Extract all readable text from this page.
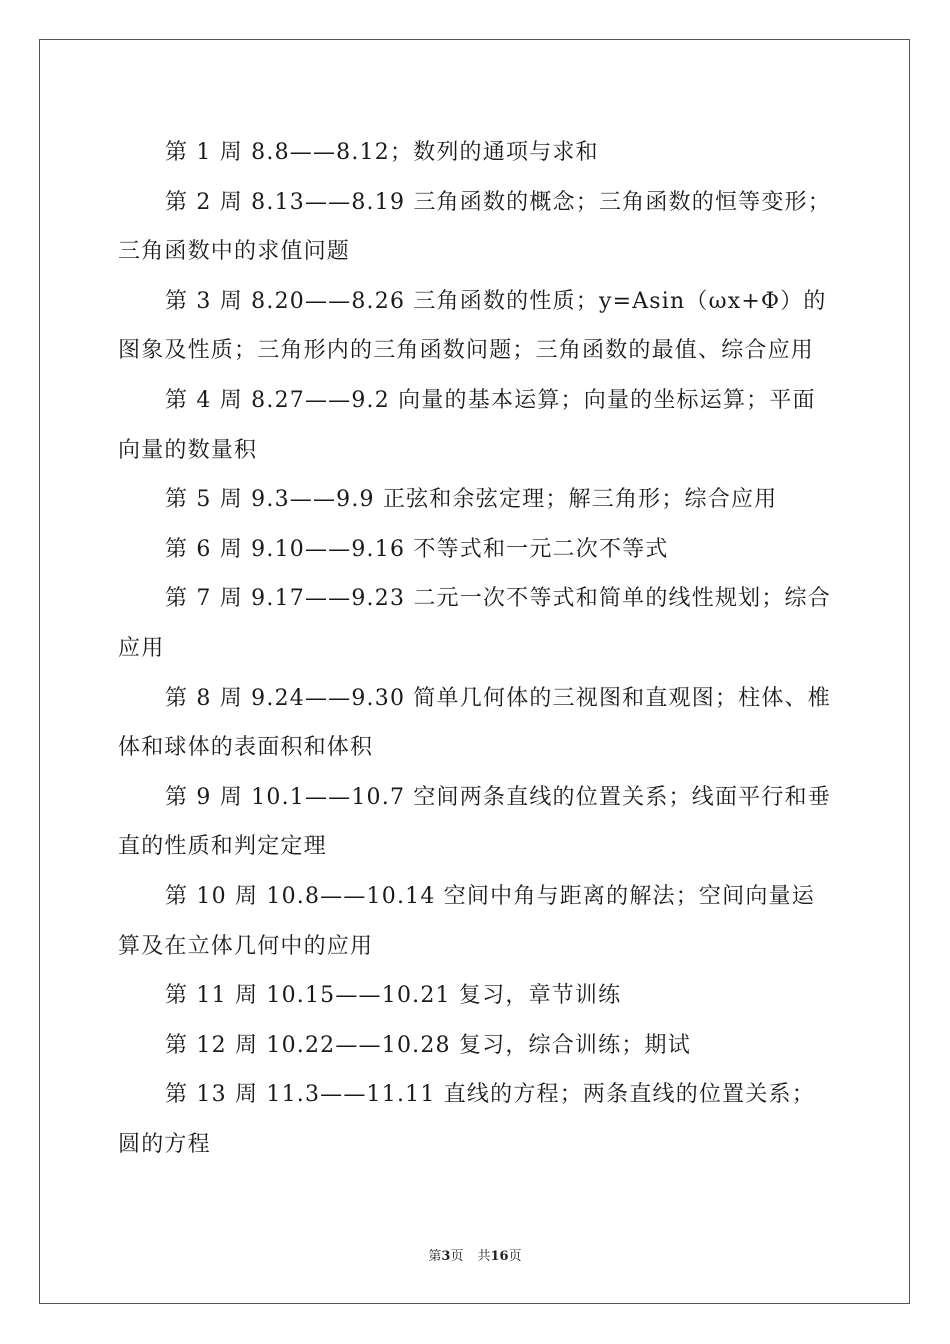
第 1 周 8.8——8.12；数列的通项与求和

第 2 周 8.13——8.19 三角函数的概念；三角函数的恒等变形；三角函数中的求值问题

第 3 周 8.20——8.26 三角函数的性质；y=Asin（ωx+Φ）的图象及性质；三角形内的三角函数问题；三角函数的最值、综合应用

第 4 周 8.27——9.2 向量的基本运算；向量的坐标运算；平面向量的数量积

第 5 周 9.3——9.9 正弦和余弦定理；解三角形；综合应用

第 6 周 9.10——9.16 不等式和一元二次不等式

第 7 周 9.17——9.23 二元一次不等式和简单的线性规划；综合应用

第 8 周 9.24——9.30 简单几何体的三视图和直观图；柱体、椎体和球体的表面积和体积

第 9 周 10.1——10.7 空间两条直线的位置关系；线面平行和垂直的性质和判定定理

第 10 周 10.8——10.14 空间中角与距离的解法；空间向量运算及在立体几何中的应用

第 11 周 10.15——10.21 复习，章节训练

第 12 周 10.22——10.28 复习，综合训练；期试

第 13 周 11.3——11.11 直线的方程；两条直线的位置关系；圆的方程

第3页 共16页
